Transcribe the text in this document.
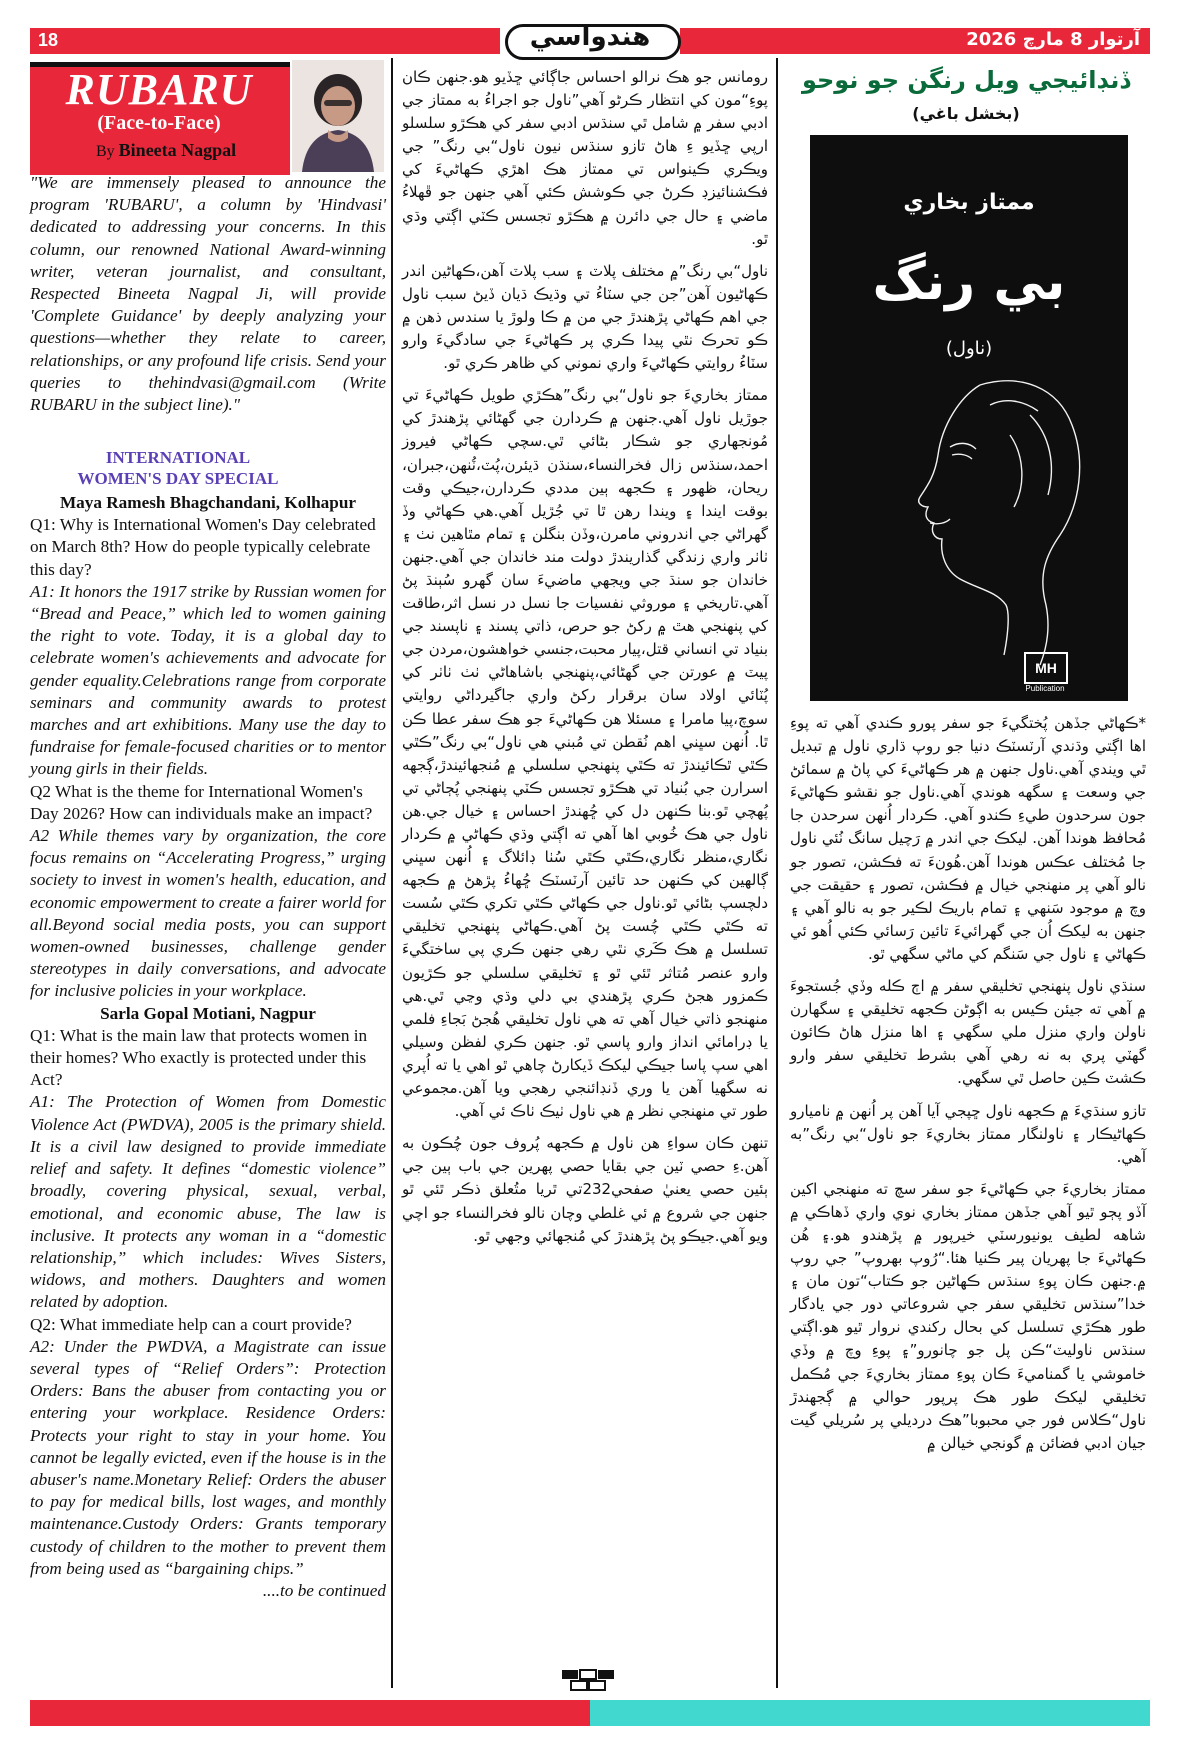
18	هندواسي	آرتوار 8 مارچ 2026
RUBARU
(Face-to-Face)
By Bineeta Nagpal
"We are immensely pleased to announce the program 'RUBARU', a column by 'Hindvasi' dedicated to addressing your concerns. In this column, our renowned National Award-winning writer, veteran journalist, and consultant, Respected Bineeta Nagpal Ji, will provide 'Complete Guidance' by deeply analyzing your questions—whether they relate to career, relationships, or any profound life crisis. Send your queries to thehindvasi@gmail.com (Write RUBARU in the subject line)."
INTERNATIONAL
WOMEN'S DAY SPECIAL

Maya Ramesh Bhagchandani, Kolhapur

Q1: Why is International Women's Day celebrated on March 8th? How do people typically celebrate this day?

A1: It honors the 1917 strike by Russian women for “Bread and Peace,” which led to women gaining the right to vote. Today, it is a global day to celebrate women's achievements and advocate for gender equality.Celebrations range from corporate seminars and community awards to protest marches and art exhibitions. Many use the day to fundraise for female-focused charities or to mentor young girls in their fields.

Q2 What is the theme for International Women's Day 2026? How can individuals make an impact?

A2 While themes vary by organization, the core focus remains on “Accelerating Progress,” urging society to invest in women's health, education, and economic empowerment to create a fairer world for all.Beyond social media posts, you can support women-owned businesses, challenge gender stereotypes in daily conversations, and advocate for inclusive policies in your workplace.

Sarla Gopal Motiani, Nagpur

Q1: What is the main law that protects women in their homes? Who exactly is protected under this Act?

A1: The Protection of Women from Domestic Violence Act (PWDVA), 2005 is the primary shield. It is a civil law designed to provide immediate relief and safety. It defines “domestic violence” broadly, covering physical, sexual, verbal, emotional, and economic abuse, The law is inclusive. It protects any woman in a “domestic relationship,” which includes: Wives Sisters, widows, and mothers. Daughters and women related by adoption.

Q2: What immediate help can a court provide?

A2: Under the PWDVA, a Magistrate can issue several types of “Relief Orders”: Protection Orders: Bans the abuser from contacting you or entering your workplace. Residence Orders: Protects your right to stay in your home. You cannot be legally evicted, even if the house is in the abuser's name.Monetary Relief: Orders the abuser to pay for medical bills, lost wages, and monthly maintenance.Custody Orders: Grants temporary custody of children to the mother to prevent them from being used as “bargaining chips.”

....to be continued

رومانس جو هڪ نرالو احساس جاڳائي ڇڏيو هو.جنهن ڪان پوءِ“مون کي انتظار ڪرڻو آهي”ناول جو اجراءُ به ممتاز جي ادبي سفر ۾ شامل ٿي سنڌس ادبي سفر کي هڪڙو سلسلو ارپي ڇڏيو ءِ هاڻ تازو سنڌس نيون ناول“بي رنگ” جي ويڪري ڪينواس تي ممتاز هڪ اهڙي ڪهاڻيءَ کي فڪشنائيزڊ ڪرڻ جي ڪوشش ڪئي آهي جنهن جو ڦهلاءُ ماضي ۽ حال جي دائرن ۾ هڪڙو تجسس ڪٽي اڳتي وڌي ٿو.

ناول“بي رنگ”۾ مختلف پلاٽ ۽ سب پلاٽ آهن،ڪهاڻين اندر ڪهاڻيون آهن”جن جي سٽاءُ تي وڌيڪ ڌيان ڏيڻ سبب ناول جي اهم ڪهاڻي پڙهندڙ جي من ۾ ڪا ولوڙ يا سندس ذهن ۾ ڪو تحرڪ نٿي پيدا ڪري پر ڪهاڻيءَ جي سادگيءَ وارو سٽاءُ روايتي ڪهاڻيءَ واري نموني کي ظاهر ڪري ٿو.

ممتاز بخاريءَ جو ناول“بي رنگ”هڪڙي طويل ڪهاڻيءَ تي جوڙيل ناول آهي.جنهن ۾ ڪردارن جي گهڻائي پڙهندڙ کي مُونجهاري جو شڪار بڻائي ٿي.سچي ڪهاڻي فيروز احمد،سنڌس زال فخرالنساء،سنڌن ڌيئرن،پُٽ،ٽُنهن،جبران، ريحان، ظهور ۽ ڪجهه ٻين مددي ڪردارن،جيڪي وقت بوقت ايندا ۽ ويندا رهن ٿا تي جُڙيل آهي.هي ڪهاڻي وڏ گهراڻي جي اندروني مامرن،وڏن بنگلن ۽ تمام مٿاهين نٺ ۽ ٺاٺر واري زندگي گذاريندڙ دولت مند خاندان جي آهي.جنهن خاندان جو سنڌ جي ويجهي ماضيءَ سان گهرو سُٻنڌ پڻ آهي.تاريخي ۽ موروثي نفسيات جا نسل در نسل اثر،طاقت کي پنهنجي هٿ ۾ رکڻ جو حرص، ذاتي پسند ۽ ناپسند جي بنياد تي انساني قتل،پيار محبت،جنسي خواهشون،مردن جي پيٽ ۾ عورتن جي گهڻائي،پنهنجي باشاهاڻي ٺٺ ٺاٺر کي پُٽائي اولاد سان برقرار رکڻ واري جاگيرداڻي روايتي سوچ،پيا مامرا ۽ مسئلا هن ڪهاڻيءَ جو هڪ سفر عطا ڪن ٿا. اُنهن سڀني اهم نُقطن تي مُبني هي ناول“بي رنگ”ڪٿي ڪٿي ٿڪائيندڙ ته ڪٿي پنهنجي سلسلي ۾ مُنجهائيندڙ،ڳجهه اسرارن جي بُنياد تي هڪڙو تجسس ڪٽي پنهنجي پُڄاڻي تي پُهچي ٿو.بنا ڪنهن دل کي ڇُهندڙ احساس ۽ خيال جي.هن ناول جي هڪ خُوبي اها آهي ته اڳتي وڌي ڪهاڻي ۾ ڪردار نگاري،منظر نگاري،ڪٿي ڪٿي سُٺا ڊائلاگ ۽ اُنهن سڀني ڳالهين کي ڪنهن حد تائين آرٽسٽڪ ڇُهاءُ پڙهڻ ۾ ڪجهه دلچسپ بڻائي ٿو.ناول جي ڪهاڻي ڪٿي تکري ڪٿي سُست ته ڪٿي ڪٿي چُست پڻ آهي.ڪهاڻي پنهنجي تخليقي تسلسل ۾ هڪ ڪَري نٿي رهي جنهن ڪري پي ساختگيءَ وارو عنصر مُتاثر ٿئي ٿو ۽ تخليقي سلسلي جو ڪڙيون ڪمزور هجڻ ڪري پڙهندي بي دلي وڌي وڃي ٿي.هي منهنجو ذاتي خيال آهي ته هي ناول تخليقي هُجڻ بَجاءِ فلمي يا ڊرامائي انداز وارو پاسي ٿو. جنهن ڪري لفظن وسيلي اهي سپ پاسا جيڪي ليکڪ ڏيکارڻ چاهي ٿو اهي يا ته اُپري نه سگهيا آهن يا وري ڏنڊائنجي رهجي ويا آهن.مجموعي طور تي منهنجي نظر ۾ هي ناول ٺيڪ ٺاڪ ئي آهي.

تنهن ڪان سواءِ هن ناول ۾ ڪجهه پُروف جون چُڪون به آهن.ءِ حصي ٽين جي بقايا حصي پهرين جي باب ٻين جي ٻئين حصي يعنيٰ صفحي232تي ٿريا متُعلق ذڪر ٿئي ٿو جنهن جي شروع ۾ ئي غلطي وچان نالو فخرالنساء جو اچي ويو آهي.جيڪو پڻ پڙهندڙ کي مُنجهائي وجهي ٿو.

ڏنڊائيجي ويل رنگن جو نوحو
(بخشل باغي)
ممتاز بخاري
بي رنگ
(ناول)
MH
Publication

*ڪهاڻي جڏهن پُختگيءَ جو سفر پورو ڪندي آهي ته پوءِ اها اڳتي وڌندي آرٽسٽڪ دنيا جو روپ ڌاري ناول ۾ تبديل ٿي ويندي آهي.ناول جنهن ۾ هر ڪهاڻيءَ کي پاڻ ۾ سمائڻ جي وسعت ۽ سگهه هوندي آهي.ناول جو نقشو ڪهاڻيءَ جون سرحدون طيءِ ڪندو آهي. ڪردار اُنهن سرحدن جا مُحافظ هوندا آهن. ليکڪ جي اندر ۾ رَچيل سانگ نُئي ناول جا مُختلف عڪس هوندا آهن.هُونءَ ته فڪشن، تصور جو نالو آهي پر منهنجي خيال ۾ فڪشن، تصور ۽ حقيقت جي وچ ۾ موجود سَنهي ۽ تمام باريڪ لڪير جو به نالو آهي ۽ جنهن به ليکڪ اُن جي گهرائيءَ تائين رَسائي ڪئي اُهو ئي ڪهاڻي ۽ ناول جي سَنگم کي ماڻي سگهي ٿو.

سنڌي ناول پنهنجي تخليقي سفر ۾ اڄ ڪله وڏي جُستجوءَ ۾ آهي ته جيئن ڪيس به اڳوڻن ڪجهه تخليقي ۽ سگهارن ناولن واري منزل ملي سگهي ۽ اها منزل هاڻ ڪائون گهٽي پري به نه رهي آهي بشرط تخليقي سفر وارو ڪشٽ ڪين حاصل ٿي سگهي.

تازو سنڌيءَ ۾ ڪجهه ناول ڇپجي آيا آهن پر اُنهن ۾ ناميارو ڪهاڻيڪار ۽ ناولنگار ممتاز بخاريءَ جو ناول“بي رنگ”به آهي.

ممتاز بخاريءَ جي ڪهاڻيءَ جو سفر سچ ته منهنجي اکين آڏو پڄو ٿيو آهي جڏهن ممتاز بخاري نوي واري ڏهاڪي ۾ شاهه لطيف يونيورسٽي خيرپور ۾ پڙهندو هو.۽ هُن ڪهاڻيءَ جا پهريان پير ڪنيا هئا.“رُوپ بهروپ” جي روپ ۾.جنهن ڪان پوءِ سنڌس ڪهاڻين جو ڪتاب“تون مان ۽ خدا”سنڌس تخليقي سفر جي شروعاتي دور جي يادگار طور هڪڙي تسلسل کي بحال رکندي نروار ٿيو هو.اڳتي سنڌس ناوليٽ“ڪن پل جو چانورو”۽ پوءِ وچ ۾ وڏي خاموشي يا گمناميءَ ڪان پوءِ ممتاز بخاريءَ جي مُڪمل تخليقي ليکڪ طور هڪ پرپور حوالي ۾ ڳجهندڙ ناول“ڪلاس فور جي محبوبا”هڪ درديلي پر سُريلي گيت جيان ادبي فضائن ۾ گونجي خيالن ۾
